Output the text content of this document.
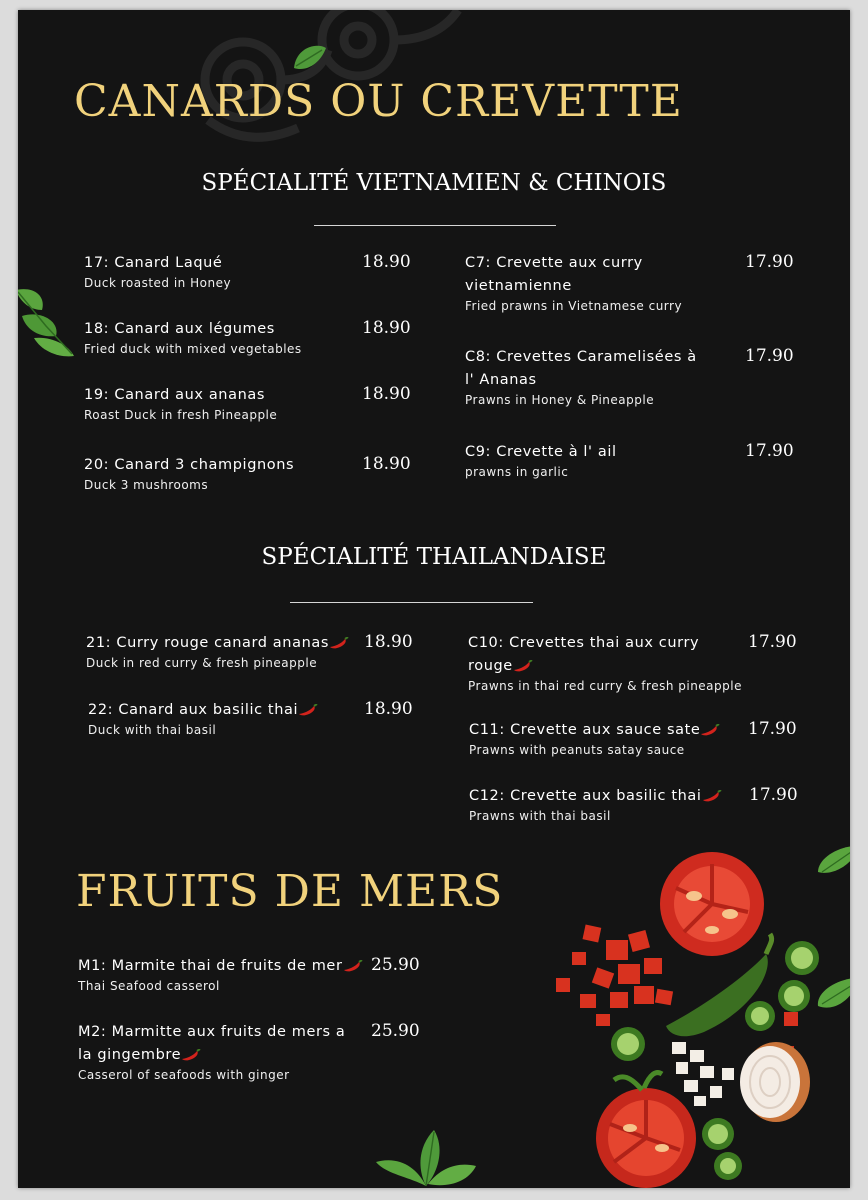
CANARDS OU CREVETTE
SPÉCIALITÉ VIETNAMIEN & CHINOIS
17: Canard Laqué
Duck roasted in Honey
18.90
18: Canard aux légumes
Fried duck with mixed vegetables
18.90
19: Canard aux ananas
Roast Duck in fresh Pineapple
18.90
20: Canard 3 champignons
Duck 3 mushrooms
18.90
C7: Crevette aux curry vietnamienne
Fried prawns in Vietnamese curry
17.90
C8: Crevettes Caramelisées à l' Ananas
Prawns in Honey & Pineapple
17.90
C9: Crevette à l' ail
prawns in garlic
17.90
SPÉCIALITÉ THAILANDAISE
21: Curry rouge canard ananas
Duck in red curry & fresh pineapple
18.90
22: Canard aux basilic thai
Duck with thai basil
18.90
C10: Crevettes thai aux curry rouge
Prawns in thai red curry & fresh pineapple
17.90
C11: Crevette aux sauce sate
Prawns with peanuts satay sauce
17.90
C12: Crevette aux basilic thai
Prawns with thai basil
17.90
FRUITS DE MERS
M1: Marmite thai de fruits de mer
Thai Seafood casserol
25.90
M2: Marmitte aux fruits de mers a la gingembre
Casserol of seafoods with ginger
25.90
